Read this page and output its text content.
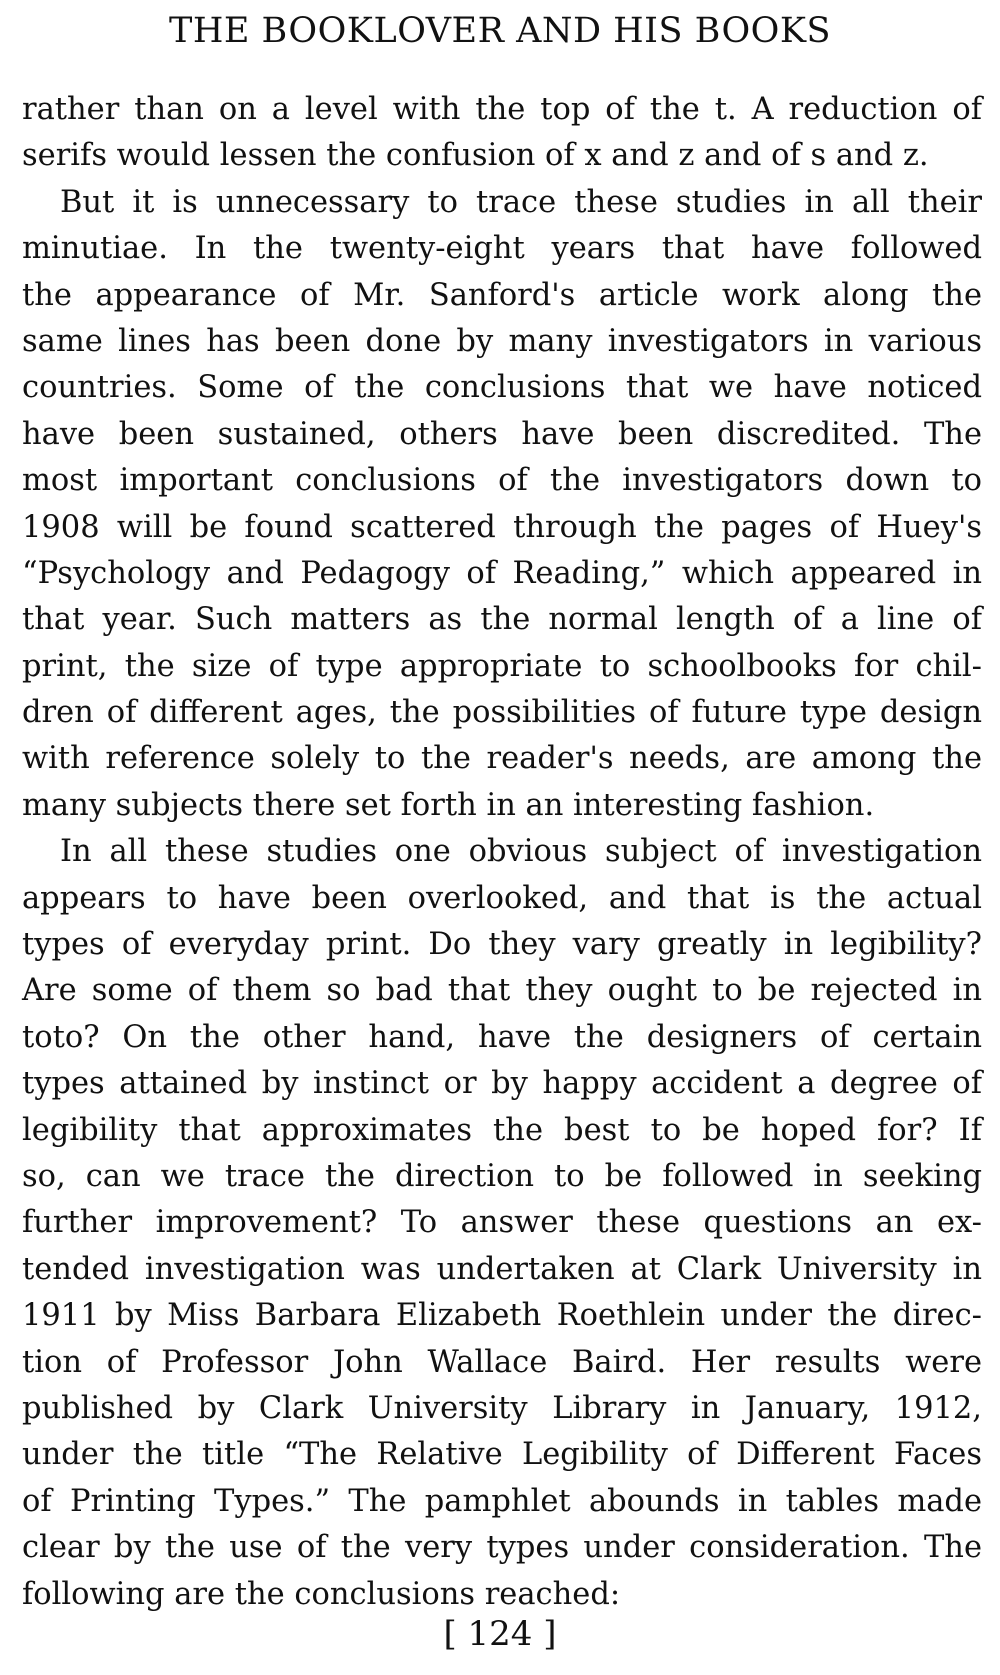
THE BOOKLOVER AND HIS BOOKS
rather than on a level with the top of the t. A reduction of
serifs would lessen the confusion of x and z and of s and z.
But it is unnecessary to trace these studies in all their
minutiae. In the twenty-eight years that have followed
the appearance of Mr. Sanford's article work along the
same lines has been done by many investigators in various
countries. Some of the conclusions that we have noticed
have been sustained, others have been discredited. The
most important conclusions of the investigators down to
1908 will be found scattered through the pages of Huey's
“Psychology and Pedagogy of Reading,” which appeared in
that year. Such matters as the normal length of a line of
print, the size of type appropriate to schoolbooks for chil-
dren of different ages, the possibilities of future type design
with reference solely to the reader's needs, are among the
many subjects there set forth in an interesting fashion.
In all these studies one obvious subject of investigation
appears to have been overlooked, and that is the actual
types of everyday print. Do they vary greatly in legibility?
Are some of them so bad that they ought to be rejected in
toto? On the other hand, have the designers of certain
types attained by instinct or by happy accident a degree of
legibility that approximates the best to be hoped for? If
so, can we trace the direction to be followed in seeking
further improvement? To answer these questions an ex-
tended investigation was undertaken at Clark University in
1911 by Miss Barbara Elizabeth Roethlein under the direc-
tion of Professor John Wallace Baird. Her results were
published by Clark University Library in January, 1912,
under the title “The Relative Legibility of Different Faces
of Printing Types.” The pamphlet abounds in tables made
clear by the use of the very types under consideration. The
following are the conclusions reached:
[ 124 ]
